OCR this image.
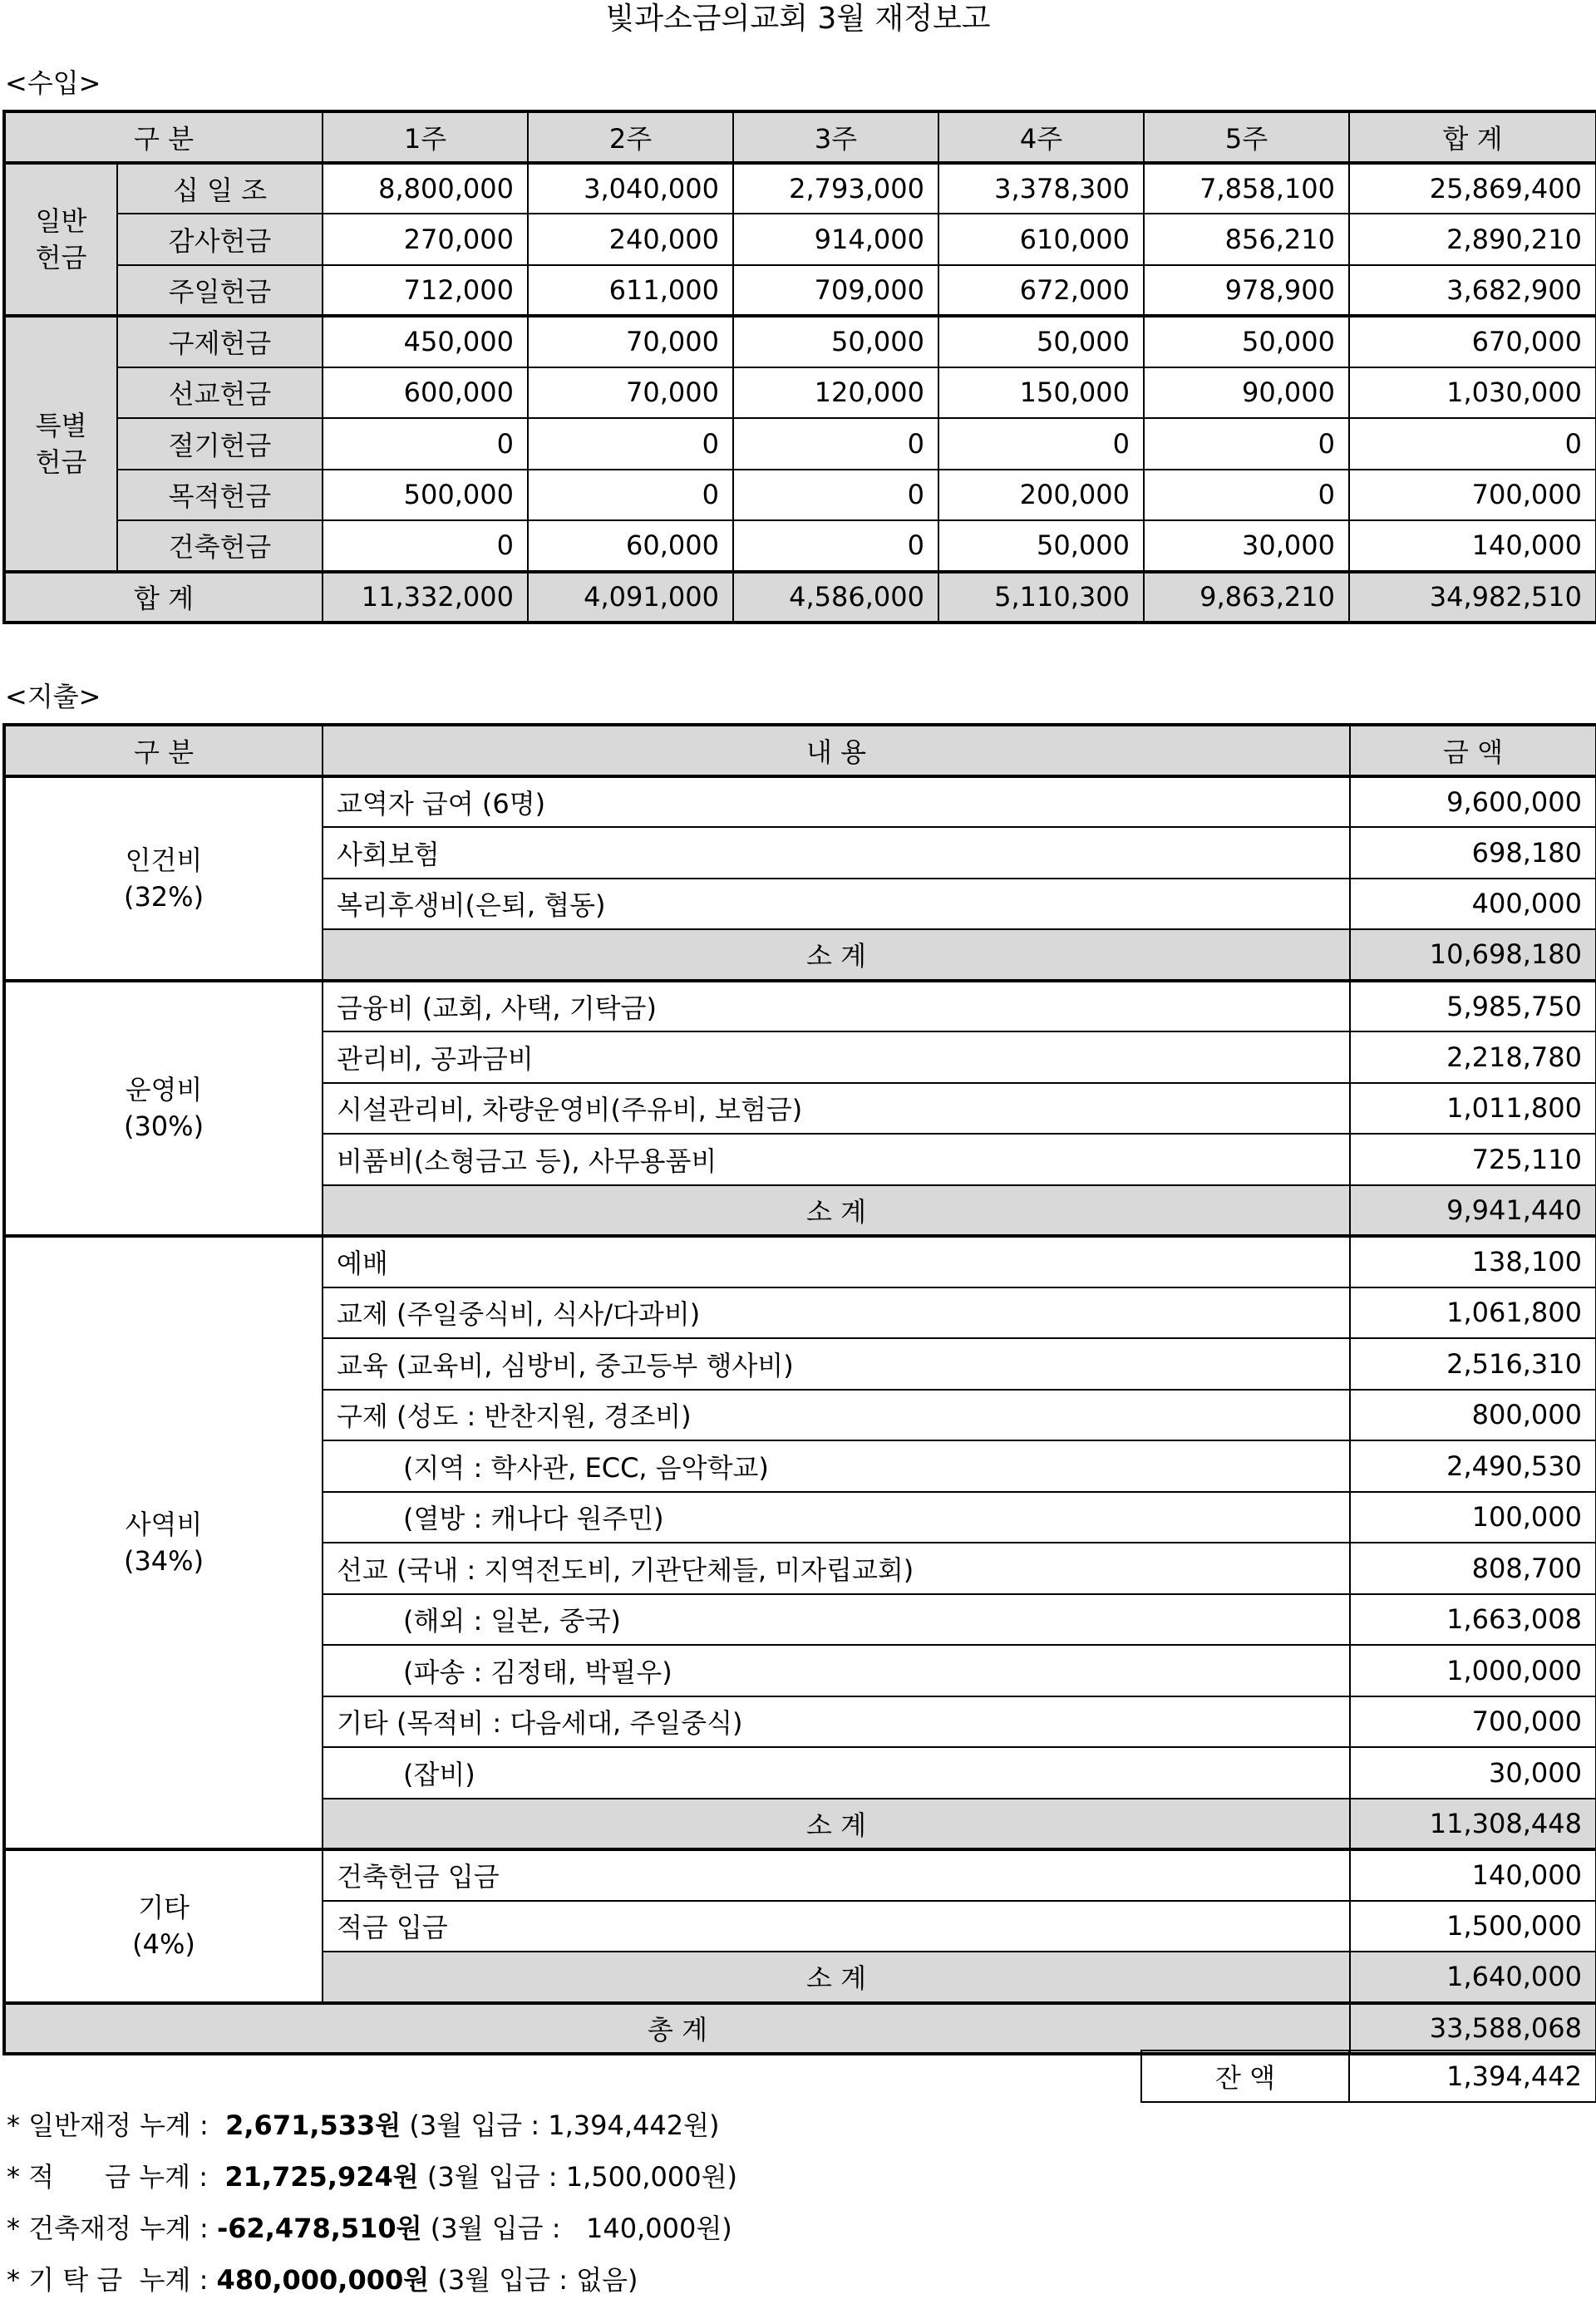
빛과소금의교회 3월 재정보고
<수입>
구 분		1주	2주	3주	4주	5주	합 계
일반 헌금	십 일 조	8,800,000	3,040,000	2,793,000	3,378,300	7,858,100	25,869,400
	감사헌금	270,000	240,000	914,000	610,000	856,210	2,890,210
	주일헌금	712,000	611,000	709,000	672,000	978,900	3,682,900
특별 헌금	구제헌금	450,000	70,000	50,000	50,000	50,000	670,000
	선교헌금	600,000	70,000	120,000	150,000	90,000	1,030,000
	절기헌금	0	0	0	0	0	0
	목적헌금	500,000	0	0	200,000	0	700,000
	건축헌금	0	60,000	0	50,000	30,000	140,000
합 계		11,332,000	4,091,000	4,586,000	5,110,300	9,863,210	34,982,510
<지출>
구 분	내 용	금 액

인건비
(32%)	교역자 급여 (6명)	9,600,000
	사회보험	698,180
	복리후생비(은퇴, 협동)	400,000
	소 계	10,698,180

운영비
(30%)	금융비 (교회, 사택, 기탁금)	5,985,750
	관리비, 공과금비	2,218,780
	시설관리비, 차량운영비(주유비, 보험금)	1,011,800
	비품비(소형금고 등), 사무용품비	725,110
	소 계	9,941,440

사역비
(34%)	예배	138,100
	교제 (주일중식비, 식사/다과비)	1,061,800
	교육 (교육비, 심방비, 중고등부 행사비)	2,516,310
	구제 (성도 : 반찬지원, 경조비)	800,000
	(지역 : 학사관, ECC, 음악학교)	2,490,530
	(열방 : 캐나다 원주민)	100,000
	선교 (국내 : 지역전도비, 기관단체들, 미자립교회)	808,700
	(해외 : 일본, 중국)	1,663,008
	(파송 : 김정태, 박필우)	1,000,000
	기타 (목적비 : 다음세대, 주일중식)	700,000
	(잡비)	30,000
	소 계	11,308,448

기타
(4%)	건축헌금 입금	140,000
	적금 입금	1,500,000
	소 계	1,640,000
총 계		33,588,068
잔 액	1,394,442
* 일반재정 누계 :  2,671,533원 (3월 입금 : 1,394,442원)
* 적      금 누계 :  21,725,924원 (3월 입금 : 1,500,000원)
* 건축재정 누계 : -62,478,510원 (3월 입금 :   140,000원)
* 기 탁 금  누계 : 480,000,000원 (3월 입금 : 없음)
